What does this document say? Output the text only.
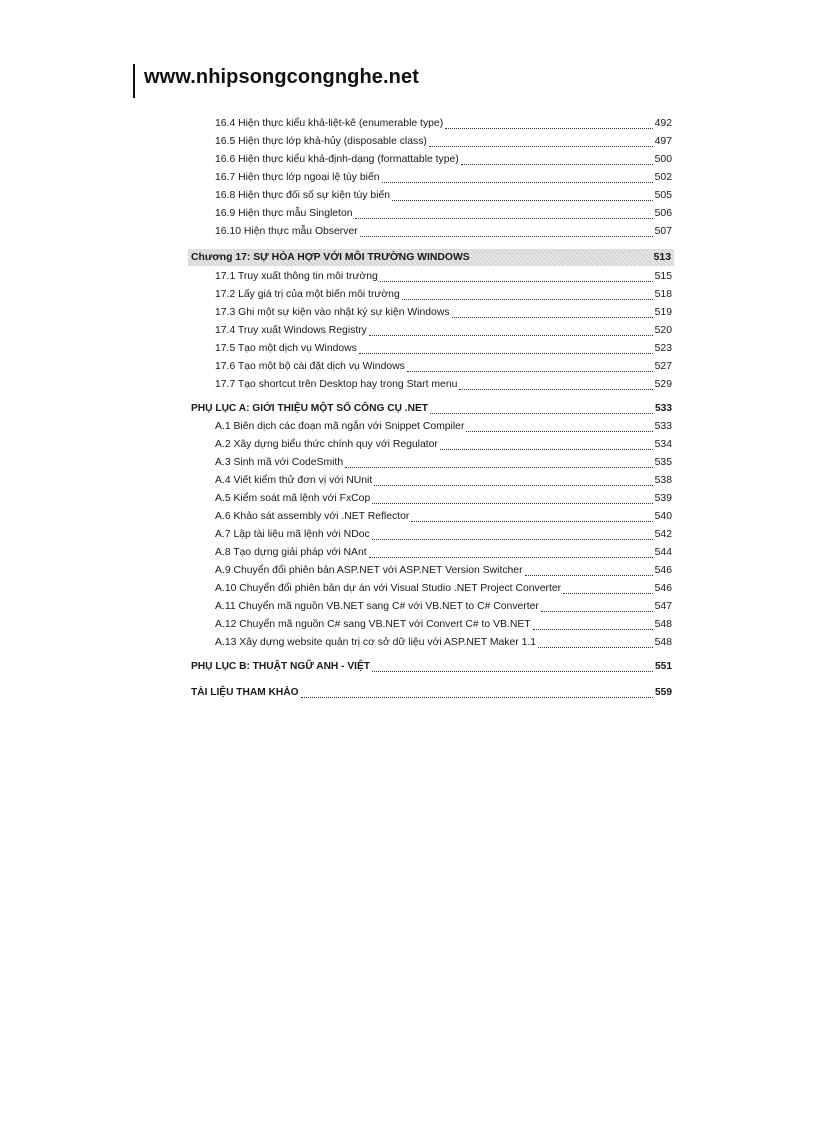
www.nhipsongcongnghe.net
16.4 Hiện thực kiểu khả-liệt-kê (enumerable type)	492
16.5 Hiện thực lớp khả-hủy (disposable class)	497
16.6 Hiện thực kiểu khả-định-dạng (formattable type)	500
16.7 Hiện thực lớp ngoại lệ tùy biến	502
16.8 Hiện thực đối số sự kiện tùy biến	505
16.9 Hiện thực mẫu Singleton	506
16.10 Hiện thực mẫu Observer	507
Chương 17: SỰ HÒA HỢP VỚI MÔI TRƯỜNG WINDOWS	513
17.1 Truy xuất thông tin môi trường	515
17.2 Lấy giá trị của một biến môi trường	518
17.3 Ghi một sự kiện vào nhật ký sự kiện Windows	519
17.4 Truy xuất Windows Registry	520
17.5 Tạo một dịch vụ Windows	523
17.6 Tạo một bộ cài đặt dịch vụ Windows	527
17.7 Tạo shortcut trên Desktop hay trong Start menu	529
PHỤ LỤC A: GIỚI THIỆU MỘT SỐ CÔNG CỤ .NET	533
A.1 Biên dịch các đoạn mã ngắn với Snippet Compiler	533
A.2 Xây dựng biểu thức chính quy với Regulator	534
A.3 Sinh mã với CodeSmith	535
A.4 Viết kiểm thử đơn vị với NUnit	538
A.5 Kiểm soát mã lệnh với FxCop	539
A.6 Khảo sát assembly với .NET Reflector	540
A.7 Lập tài liệu mã lệnh với NDoc	542
A.8 Tạo dựng giải pháp với NAnt	544
A.9 Chuyển đổi phiên bản ASP.NET với ASP.NET Version Switcher	546
A.10 Chuyển đổi phiên bản dự án với Visual Studio .NET Project Converter	546
A.11 Chuyển mã nguồn VB.NET sang C# với VB.NET to C# Converter	547
A.12 Chuyển mã nguồn C# sang VB.NET với Convert C# to VB.NET	548
A.13 Xây dựng website quản trị cơ sở dữ liệu với ASP.NET Maker 1.1	548
PHỤ LỤC B: THUẬT NGỮ ANH - VIỆT	551
TÀI LIỆU THAM KHẢO	559
